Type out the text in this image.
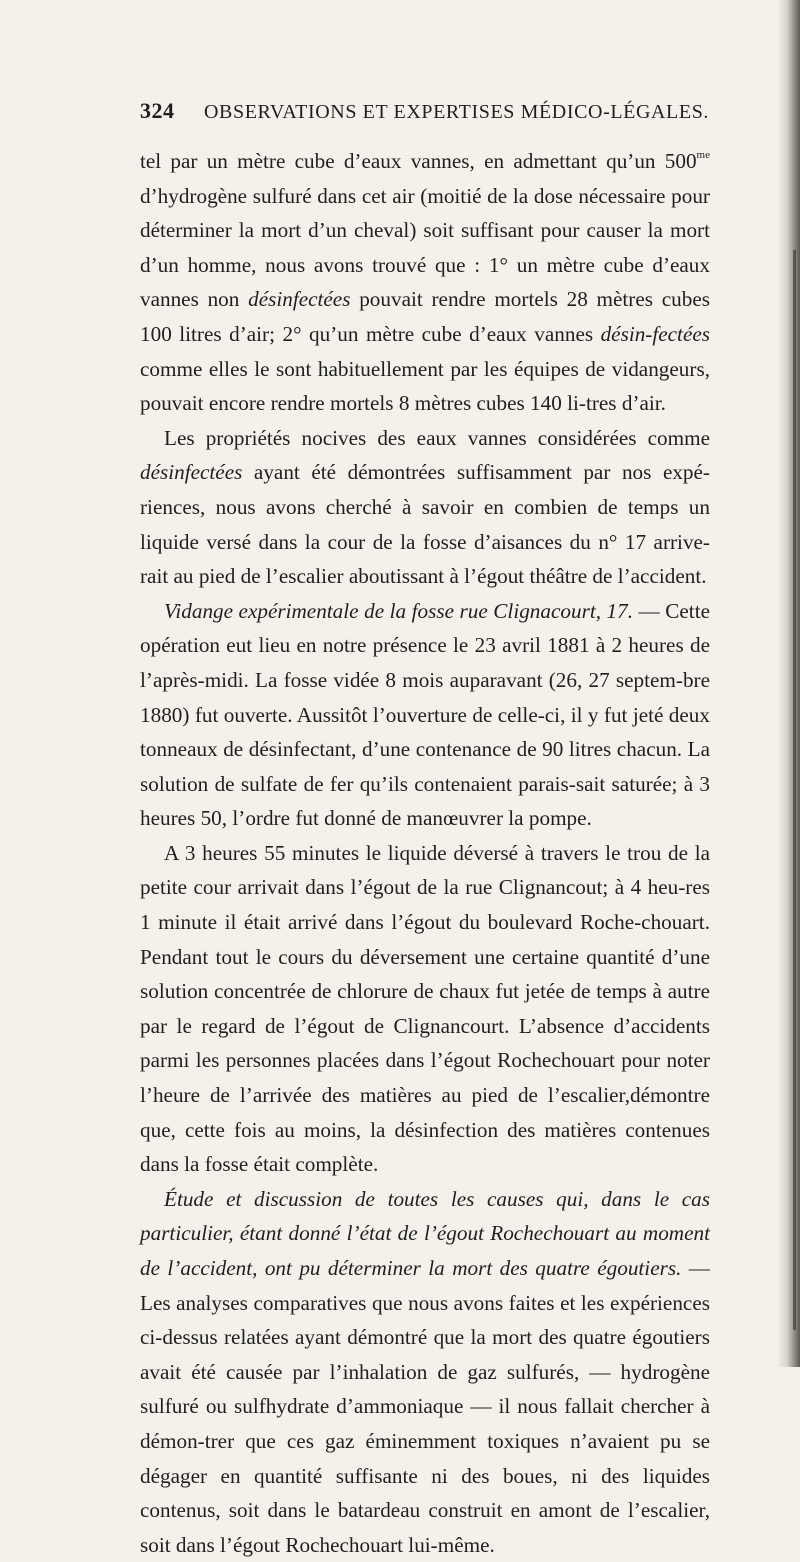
324	OBSERVATIONS ET EXPERTISES MÉDICO-LÉGALES.

tel par un mètre cube d’eaux vannes, en admettant qu’un $500^{me}$ d’hydrogène sulfuré dans cet air (moitié de la dose nécessaire pour déterminer la mort d’un cheval) soit suffisant pour causer la mort d’un homme, nous avons trouvé que : 1° un mètre cube d’eaux vannes non désinfectées pouvait rendre mortels 28 mètres cubes 100 litres d’air; 2° qu’un mètre cube d’eaux vannes désin-fectées comme elles le sont habituellement par les équipes de vidangeurs, pouvait encore rendre mortels 8 mètres cubes 140 li-tres d’air.

Les propriétés nocives des eaux vannes considérées comme désinfectées ayant été démontrées suffisamment par nos expé-riences, nous avons cherché à savoir en combien de temps un liquide versé dans la cour de la fosse d’aisances du n° 17 arrive-rait au pied de l’escalier aboutissant à l’égout théâtre de l’accident.

Vidange expérimentale de la fosse rue Clignacourt, 17. — Cette opération eut lieu en notre présence le 23 avril 1881 à 2 heures de l’après-midi. La fosse vidée 8 mois auparavant (26, 27 septem-bre 1880) fut ouverte. Aussitôt l’ouverture de celle-ci, il y fut jeté deux tonneaux de désinfectant, d’une contenance de 90 litres chacun. La solution de sulfate de fer qu’ils contenaient parais-sait saturée; à 3 heures 50, l’ordre fut donné de manœuvrer la pompe.

A 3 heures 55 minutes le liquide déversé à travers le trou de la petite cour arrivait dans l’égout de la rue Clignancout; à 4 heu-res 1 minute il était arrivé dans l’égout du boulevard Roche-chouart. Pendant tout le cours du déversement une certaine quantité d’une solution concentrée de chlorure de chaux fut jetée de temps à autre par le regard de l’égout de Clignancourt. L’absence d’accidents parmi les personnes placées dans l’égout Rochechouart pour noter l’heure de l’arrivée des matières au pied de l’escalier,démontre que, cette fois au moins, la désinfection des matières contenues dans la fosse était complète.

Étude et discussion de toutes les causes qui, dans le cas particulier, étant donné l’état de l’égout Rochechouart au moment de l’accident, ont pu déterminer la mort des quatre égoutiers. — Les analyses comparatives que nous avons faites et les expériences ci-dessus relatées ayant démontré que la mort des quatre égoutiers avait été causée par l’inhalation de gaz sulfurés, — hydrogène sulfuré ou sulfhydrate d’ammoniaque — il nous fallait chercher à démon-trer que ces gaz éminemment toxiques n’avaient pu se dégager en quantité suffisante ni des boues, ni des liquides contenus, soit dans le batardeau construit en amont de l’escalier, soit dans l’égout Rochechouart lui-même.
